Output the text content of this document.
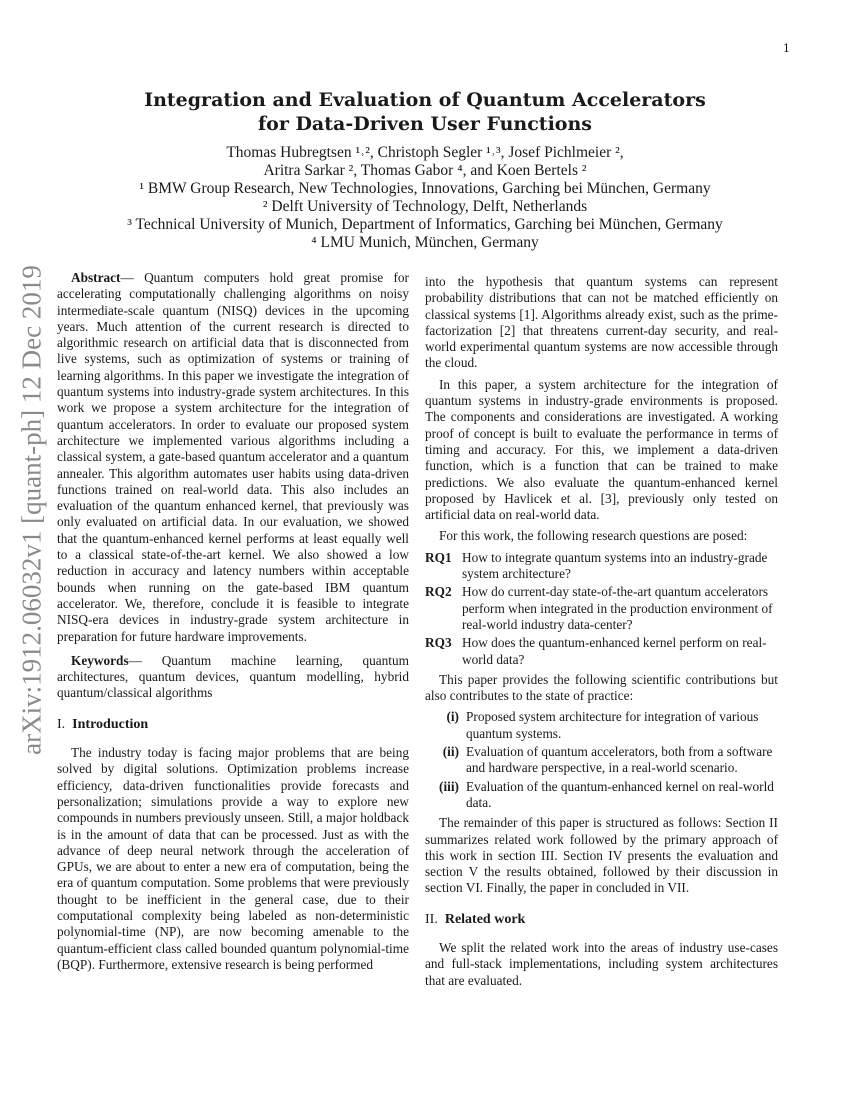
1
arXiv:1912.06032v1 [quant-ph] 12 Dec 2019
Integration and Evaluation of Quantum Accelerators
for Data-Driven User Functions
Thomas Hubregtsen ¹˒², Christoph Segler ¹˒³, Josef Pichlmeier ²,
Aritra Sarkar ², Thomas Gabor ⁴, and Koen Bertels ²
¹ BMW Group Research, New Technologies, Innovations, Garching bei München, Germany
² Delft University of Technology, Delft, Netherlands
³ Technical University of Munich, Department of Informatics, Garching bei München, Germany
⁴ LMU Munich, München, Germany

Abstract— Quantum computers hold great promise for accelerating computationally challenging algorithms on noisy intermediate-scale quantum (NISQ) devices in the upcoming years. Much attention of the current research is directed to algorithmic research on artificial data that is disconnected from live systems, such as optimization of systems or training of learning algorithms. In this paper we investigate the integration of quantum systems into industry-grade system architectures. In this work we propose a system architecture for the integration of quantum accelerators. In order to evaluate our proposed system architecture we implemented various algorithms including a classical system, a gate-based quantum accelerator and a quantum annealer. This algorithm automates user habits using data-driven functions trained on real-world data. This also includes an evaluation of the quantum enhanced kernel, that previously was only evaluated on artificial data. In our evaluation, we showed that the quantum-enhanced kernel performs at least equally well to a classical state-of-the-art kernel. We also showed a low reduction in accuracy and latency numbers within acceptable bounds when running on the gate-based IBM quantum accelerator. We, therefore, conclude it is feasible to integrate NISQ-era devices in industry-grade system architecture in preparation for future hardware improvements.

Keywords— Quantum machine learning, quantum architectures, quantum devices, quantum modelling, hybrid quantum/classical algorithms

I. Introduction

The industry today is facing major problems that are being solved by digital solutions. Optimization problems increase efficiency, data-driven functionalities provide forecasts and personalization; simulations provide a way to explore new compounds in numbers previously unseen. Still, a major holdback is in the amount of data that can be processed. Just as with the advance of deep neural network through the acceleration of GPUs, we are about to enter a new era of computation, being the era of quantum computation. Some problems that were previously thought to be inefficient in the general case, due to their computational complexity being labeled as non-deterministic polynomial-time (NP), are now becoming amenable to the quantum-efficient class called bounded quantum polynomial-time (BQP). Furthermore, extensive research is being performed

into the hypothesis that quantum systems can represent probability distributions that can not be matched efficiently on classical systems [1]. Algorithms already exist, such as the prime-factorization [2] that threatens current-day security, and real-world experimental quantum systems are now accessible through the cloud.

In this paper, a system architecture for the integration of quantum systems in industry-grade environments is proposed. The components and considerations are investigated. A working proof of concept is built to evaluate the performance in terms of timing and accuracy. For this, we implement a data-driven function, which is a function that can be trained to make predictions. We also evaluate the quantum-enhanced kernel proposed by Havlicek et al. [3], previously only tested on artificial data on real-world data.

For this work, the following research questions are posed:

RQ1 How to integrate quantum systems into an industry-grade system architecture?
RQ2 How do current-day state-of-the-art quantum accelerators perform when integrated in the production environment of real-world industry data-center?
RQ3 How does the quantum-enhanced kernel perform on real-world data?

This paper provides the following scientific contributions but also contributes to the state of practice:

(i) Proposed system architecture for integration of various quantum systems.
(ii) Evaluation of quantum accelerators, both from a software and hardware perspective, in a real-world scenario.
(iii) Evaluation of the quantum-enhanced kernel on real-world data.

The remainder of this paper is structured as follows: Section II summarizes related work followed by the primary approach of this work in section III. Section IV presents the evaluation and section V the results obtained, followed by their discussion in section VI. Finally, the paper in concluded in VII.

II. Related work

We split the related work into the areas of industry use-cases and full-stack implementations, including system architectures that are evaluated.
